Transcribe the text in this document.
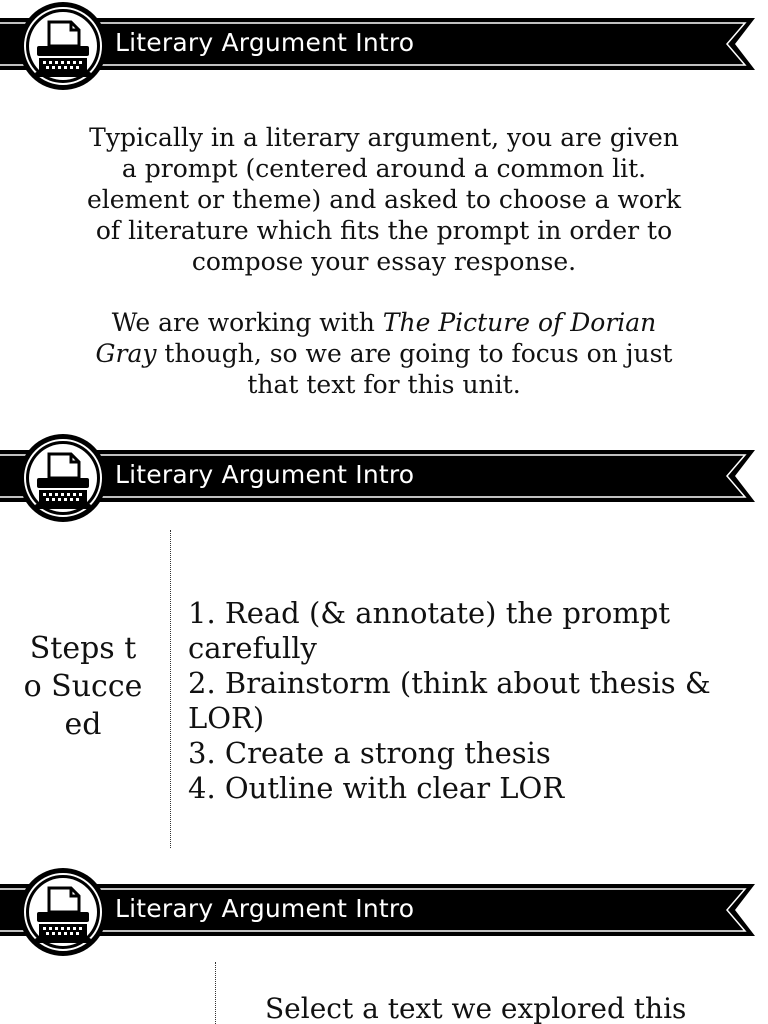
Literary Argument Intro

Typically in a literary argument, you are given a prompt (centered around a common lit. element or theme) and asked to choose a work of literature which fits the prompt in order to compose your essay response.

We are working with The Picture of Dorian Gray though, so we are going to focus on just that text for this unit.

Literary Argument Intro
Steps to Succeed
1. Read (& annotate) the prompt carefully
2. Brainstorm (think about thesis & LOR)
3. Create a strong thesis
4. Outline with clear LOR
Literary Argument Intro
Select a text we explored this
